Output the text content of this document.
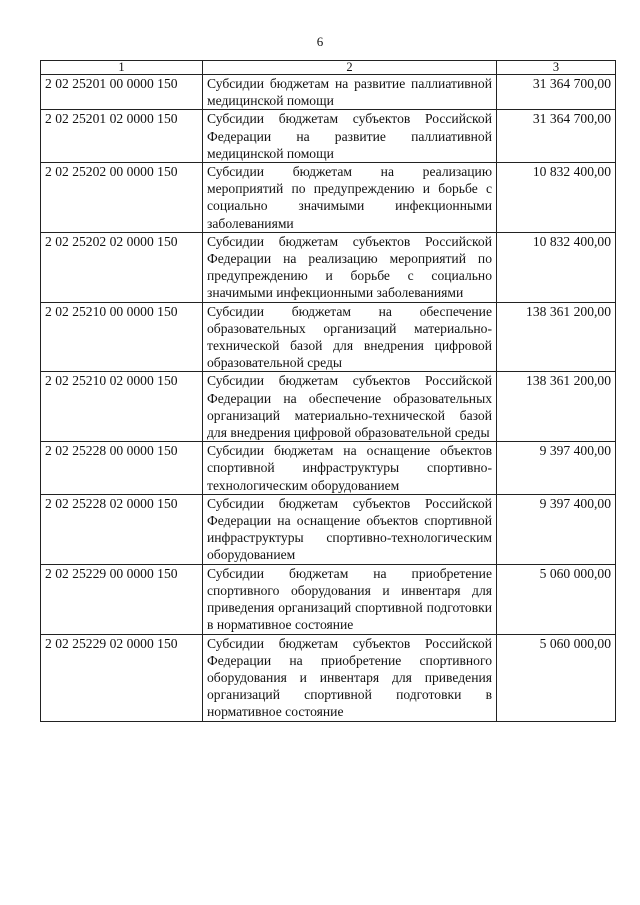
6
1	2	3
2 02 25201 00 0000 150	Субсидии бюджетам на развитие паллиативной медицинской помощи	31 364 700,00
2 02 25201 02 0000 150	Субсидии бюджетам субъектов Российской Федерации на развитие паллиативной медицинской помощи	31 364 700,00
2 02 25202 00 0000 150	Субсидии бюджетам на реализацию мероприятий по предупреждению и борьбе с социально значимыми инфекционными заболеваниями	10 832 400,00
2 02 25202 02 0000 150	Субсидии бюджетам субъектов Российской Федерации на реализацию мероприятий по предупреждению и борьбе с социально значимыми инфекционными заболеваниями	10 832 400,00
2 02 25210 00 0000 150	Субсидии бюджетам на обеспечение образовательных организаций материально-технической базой для внедрения цифровой образовательной среды	138 361 200,00
2 02 25210 02 0000 150	Субсидии бюджетам субъектов Российской Федерации на обеспечение образовательных организаций материально-технической базой для внедрения цифровой образовательной среды	138 361 200,00
2 02 25228 00 0000 150	Субсидии бюджетам на оснащение объектов спортивной инфраструктуры спортивно-технологическим оборудованием	9 397 400,00
2 02 25228 02 0000 150	Субсидии бюджетам субъектов Российской Федерации на оснащение объектов спортивной инфраструктуры спортивно-технологическим оборудованием	9 397 400,00
2 02 25229 00 0000 150	Субсидии бюджетам на приобретение спортивного оборудования и инвентаря для приведения организаций спортивной подготовки в нормативное состояние	5 060 000,00
2 02 25229 02 0000 150	Субсидии бюджетам субъектов Российской Федерации на приобретение спортивного оборудования и инвентаря для приведения организаций спортивной подготовки в нормативное состояние	5 060 000,00
